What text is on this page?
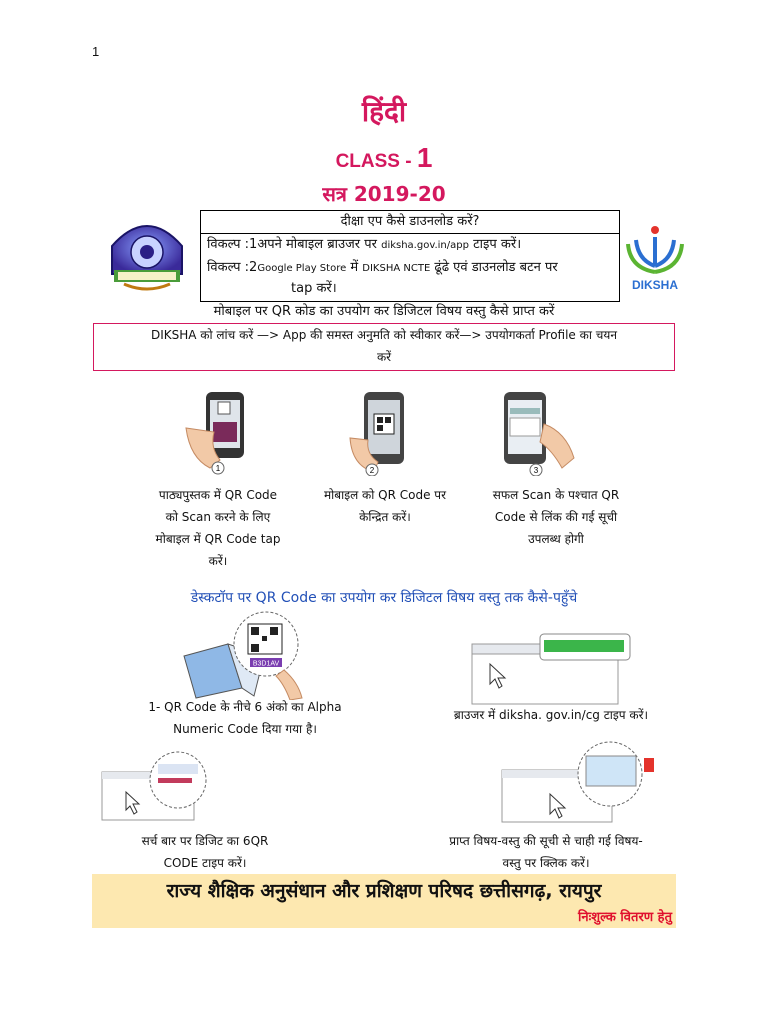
1
हिंदी
CLASS - 1
सत्र 2019-20
DIKSHA
दीक्षा एप कैसे डाउनलोड करें?
विकल्प :1अपने मोबाइल ब्राउजर पर diksha.gov.in/app टाइप करें।
विकल्प :2Google Play Store में DIKSHA NCTE ढूंढे एवं डाउनलोड बटन पर
tap करें।
मोबाइल पर QR कोड का उपयोग कर डिजिटल विषय वस्तु कैसे प्राप्त करें
DIKSHA को लांच करें —> App की समस्त अनुमति को स्वीकार करें—> उपयोगकर्ता Profile का चयन
करें
1	2	3
पाठ्यपुस्तक में QR Code
को Scan करने के लिए
मोबाइल में QR Code tap
करें।
मोबाइल को QR Code पर
केन्द्रित करें।
सफल Scan के पश्चात QR
Code से लिंक की गई सूची
उपलब्ध होगी
डेस्कटॉप पर QR Code का उपयोग कर डिजिटल विषय वस्तु तक कैसे-पहुँचे
B3D1AV
1- QR Code के नीचे 6 अंको का Alpha
Numeric Code दिया गया है।
ब्राउजर में diksha. gov.in/cg टाइप करें।
सर्च बार पर डिजिट का 6QR
CODE टाइप करें।
प्राप्त विषय-वस्तु की सूची से चाही गई विषय-
वस्तु पर क्लिक करें।
राज्य शैक्षिक अनुसंधान और प्रशिक्षण परिषद छत्तीसगढ़, रायपुर
निःशुल्क वितरण हेतु
